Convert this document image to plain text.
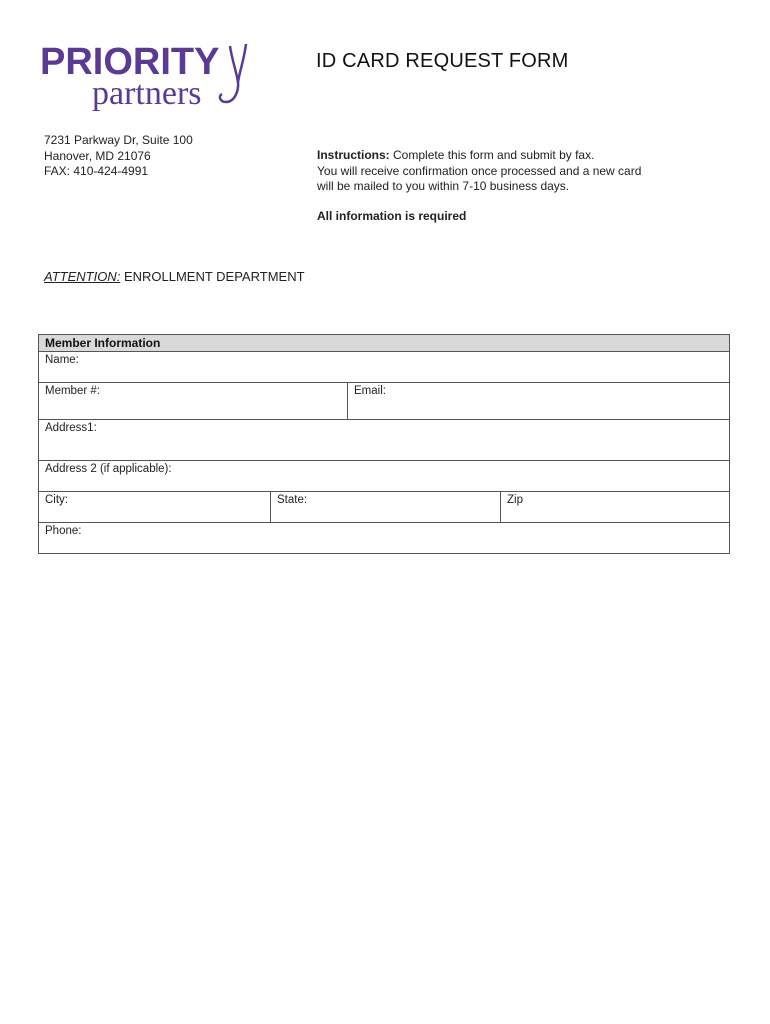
PRIORITY
partners
ID CARD REQUEST FORM
7231 Parkway Dr, Suite 100
Hanover, MD 21076
FAX: 410-424-4991
Instructions: Complete this form and submit by fax.
You will receive confirmation once processed and a new card
will be mailed to you within 7-10 business days.
All information is required
ATTENTION: ENROLLMENT DEPARTMENT
Member Information
Name:
Member #:	Email:
Address1:
Address 2 (if applicable):
City:	State:	Zip
Phone:
